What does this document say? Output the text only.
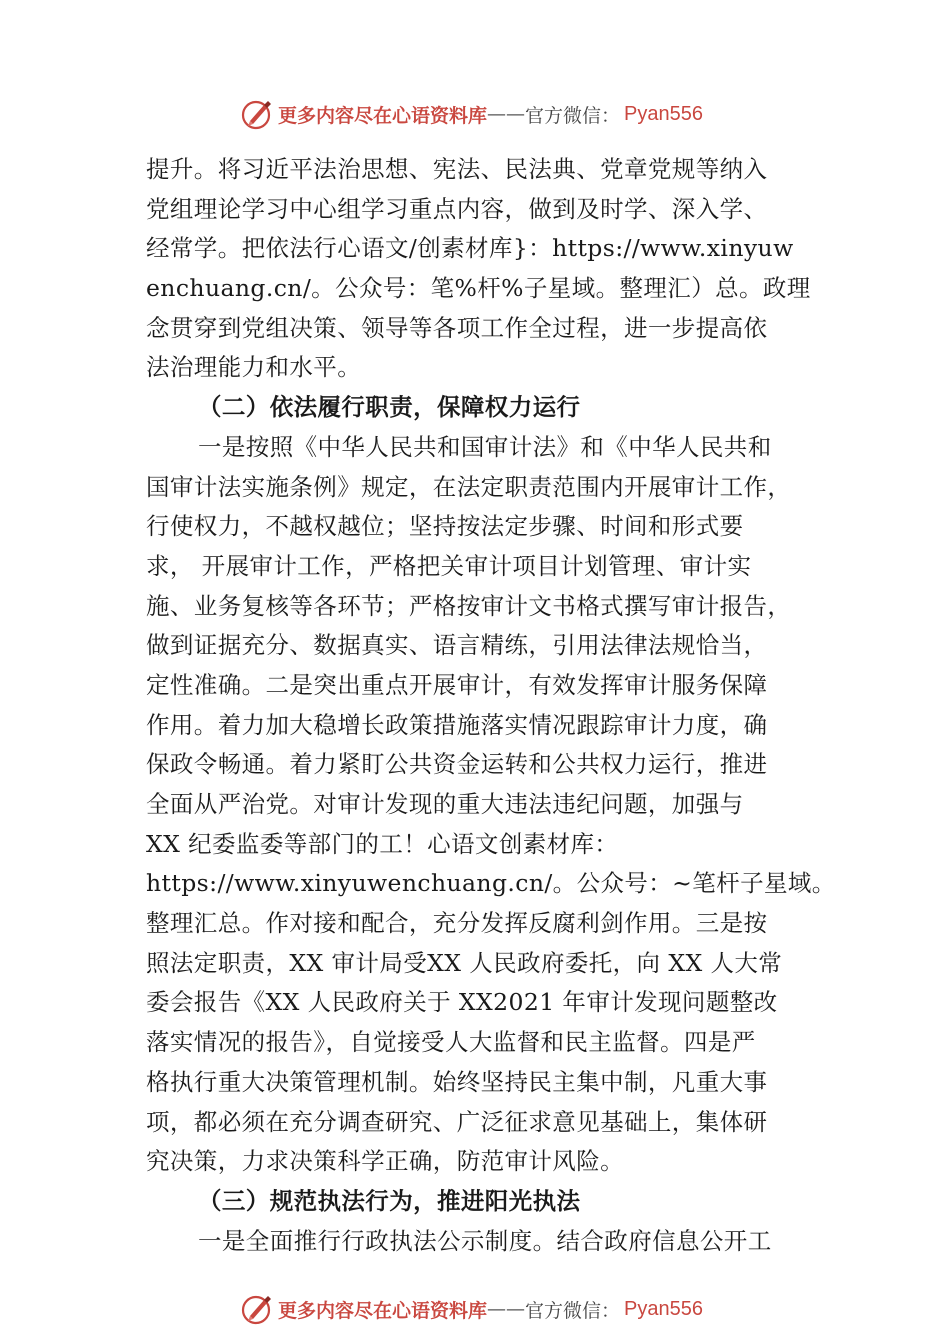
更多内容尽在心语资料库 —— 官方微信： Pyan556
提升。将习近平法治思想、宪法、民法典、党章党规等纳入
党组理论学习中心组学习重点内容，做到及时学、深入学、
经常学。把依法行心语文/创素材库}：https://www.xinyuw
enchuang.cn/。公众号：笔%杆%子星域。整理汇）总。政理
念贯穿到党组决策、领导等各项工作全过程，进一步提高依
法治理能力和水平。
（二）依法履行职责，保障权力运行
一是按照《中华人民共和国审计法》和《中华人民共和
国审计法实施条例》规定，在法定职责范围内开展审计工作，
行使权力，不越权越位；坚持按法定步骤、时间和形式要
求， 开展审计工作，严格把关审计项目计划管理、审计实
施、业务复核等各环节；严格按审计文书格式撰写审计报告，
做到证据充分、数据真实、语言精练，引用法律法规恰当，
定性准确。二是突出重点开展审计，有效发挥审计服务保障
作用。着力加大稳增长政策措施落实情况跟踪审计力度，确
保政令畅通。着力紧盯公共资金运转和公共权力运行，推进
全面从严治党。对审计发现的重大违法违纪问题，加强与
XX 纪委监委等部门的工！心语文创素材库：
https://www.xinyuwenchuang.cn/。公众号：~笔杆子星域。
整理汇总。作对接和配合，充分发挥反腐利剑作用。三是按
照法定职责，XX 审计局受XX 人民政府委托，向 XX 人大常
委会报告《XX 人民政府关于 XX2021 年审计发现问题整改
落实情况的报告》，自觉接受人大监督和民主监督。四是严
格执行重大决策管理机制。始终坚持民主集中制，凡重大事
项，都必须在充分调查研究、广泛征求意见基础上，集体研
究决策，力求决策科学正确，防范审计风险。
（三）规范执法行为，推进阳光执法
一是全面推行行政执法公示制度。结合政府信息公开工
更多内容尽在心语资料库 —— 官方微信： Pyan556
